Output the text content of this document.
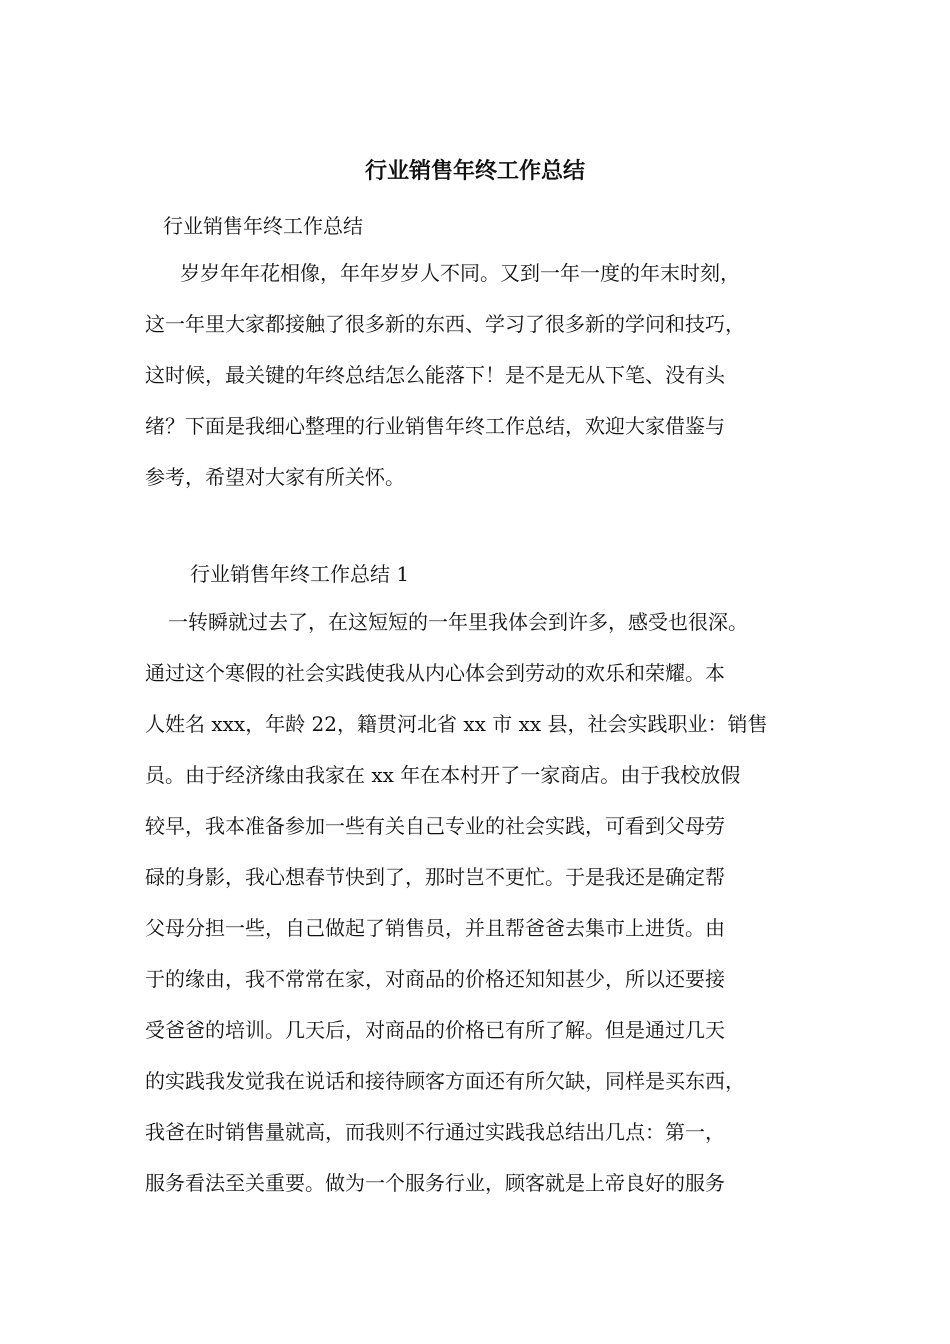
行业销售年终工作总结

行业销售年终工作总结

岁岁年年花相像，年年岁岁人不同。又到一年一度的年末时刻，

这一年里大家都接触了很多新的东西、学习了很多新的学问和技巧，

这时候，最关键的年终总结怎么能落下！是不是无从下笔、没有头

绪？下面是我细心整理的行业销售年终工作总结，欢迎大家借鉴与

参考，希望对大家有所关怀。

行业销售年终工作总结 1

一转瞬就过去了，在这短短的一年里我体会到许多，感受也很深。

通过这个寒假的社会实践使我从内心体会到劳动的欢乐和荣耀。本

人姓名 xxx，年龄 22，籍贯河北省 xx 市 xx 县，社会实践职业：销售

员。由于经济缘由我家在 xx 年在本村开了一家商店。由于我校放假

较早，我本准备参加一些有关自己专业的社会实践，可看到父母劳

碌的身影，我心想春节快到了，那时岂不更忙。于是我还是确定帮

父母分担一些，自己做起了销售员，并且帮爸爸去集市上进货。由

于的缘由，我不常常在家，对商品的价格还知知甚少，所以还要接

受爸爸的培训。几天后，对商品的价格已有所了解。但是通过几天

的实践我发觉我在说话和接待顾客方面还有所欠缺，同样是买东西，

我爸在时销售量就高，而我则不行通过实践我总结出几点：第一，

服务看法至关重要。做为一个服务行业，顾客就是上帝良好的服务
